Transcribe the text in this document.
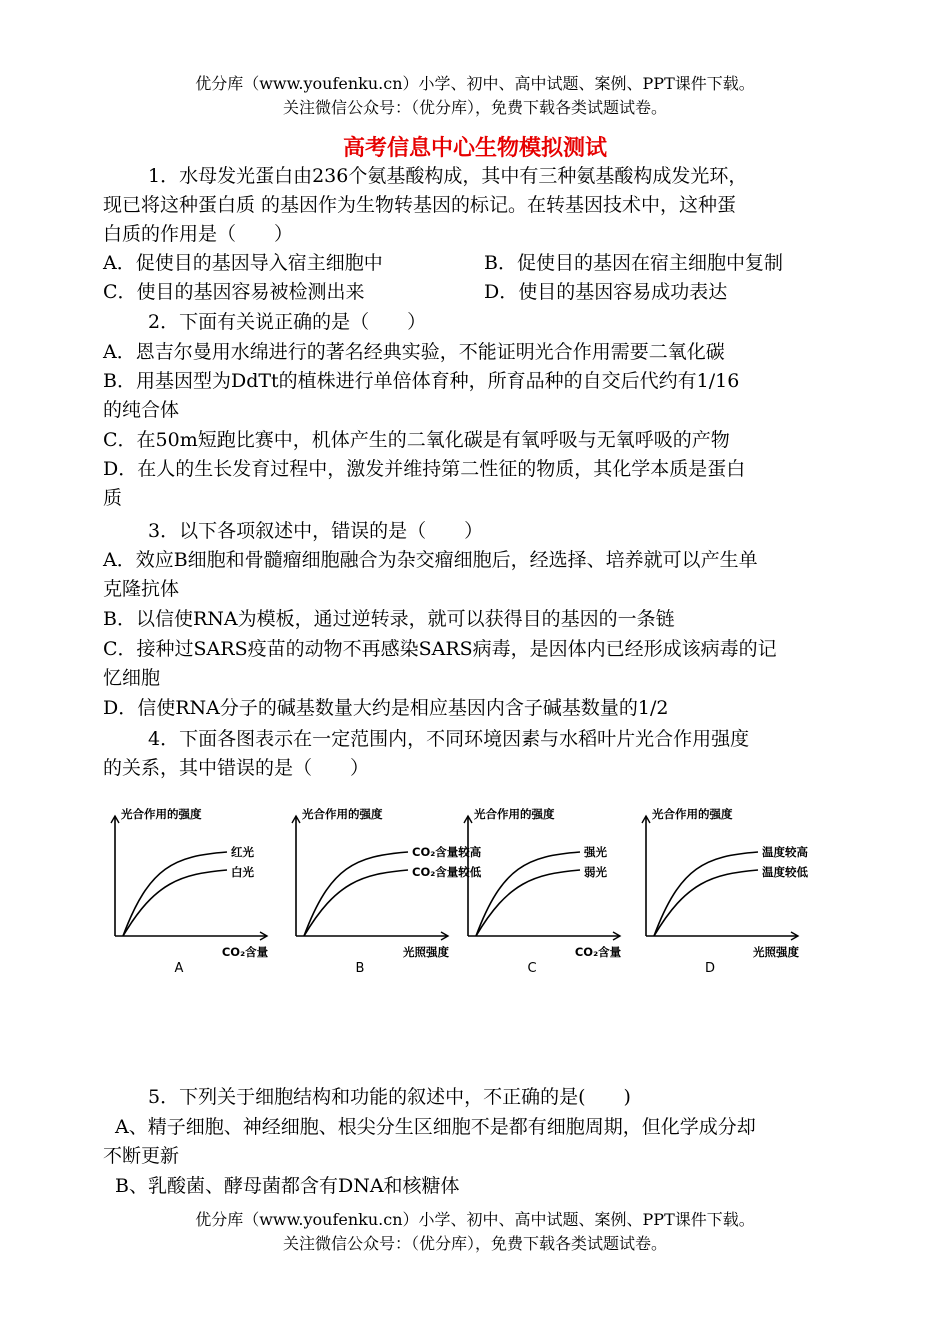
优分库（www.youfenku.cn）小学、初中、高中试题、案例、PPT课件下载。
关注微信公众号：（优分库），免费下载各类试题试卷。
高考信息中心生物模拟测试
1．水母发光蛋白由236个氨基酸构成，其中有三种氨基酸构成发光环，
现已将这种蛋白质 的基因作为生物转基因的标记。在转基因技术中，这种蛋
白质的作用是（　　）
A．促使目的基因导入宿主细胞中	B．促使目的基因在宿主细胞中复制
C．使目的基因容易被检测出来	D．使目的基因容易成功表达
2．下面有关说正确的是（　　）
A．恩吉尔曼用水绵进行的著名经典实验，不能证明光合作用需要二氧化碳
B．用基因型为DdTt的植株进行单倍体育种，所育品种的自交后代约有1/16
的纯合体
C．在50m短跑比赛中，机体产生的二氧化碳是有氧呼吸与无氧呼吸的产物
D．在人的生长发育过程中，激发并维持第二性征的物质，其化学本质是蛋白
质
3．以下各项叙述中，错误的是（　　）
A．效应B细胞和骨髓瘤细胞融合为杂交瘤细胞后，经选择、培养就可以产生单
克隆抗体
B．以信使RNA为模板，通过逆转录，就可以获得目的基因的一条链
C．接种过SARS疫苗的动物不再感染SARS病毒，是因体内已经形成该病毒的记
忆细胞
D．信使RNA分子的碱基数量大约是相应基因内含子碱基数量的1/2
4．下面各图表示在一定范围内，不同环境因素与水稻叶片光合作用强度
的关系，其中错误的是（　　）
光合作用的强度
CO₂含量
A
红光
白光
光合作用的强度
光照强度
B
CO₂含量较高
CO₂含量较低
光合作用的强度
CO₂含量
C
强光
弱光
光合作用的强度
光照强度
D
温度较高
温度较低
5．下列关于细胞结构和功能的叙述中，不正确的是(　　)
A、精子细胞、神经细胞、根尖分生区细胞不是都有细胞周期，但化学成分却
不断更新
B、乳酸菌、酵母菌都含有DNA和核糖体
优分库（www.youfenku.cn）小学、初中、高中试题、案例、PPT课件下载。
关注微信公众号：（优分库），免费下载各类试题试卷。
